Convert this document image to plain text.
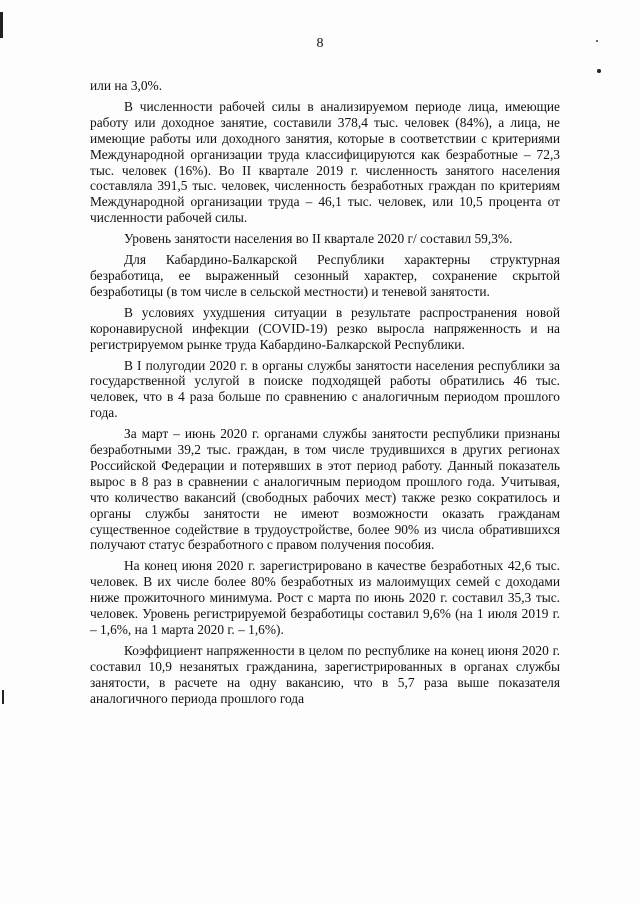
8

или на 3,0%.

В численности рабочей силы в анализируемом периоде лица, имеющие работу или доходное занятие, составили 378,4 тыс. человек (84%), а лица, не имеющие работы или доходного занятия, которые в соответствии с критериями Международной организации труда классифицируются как безработные – 72,3 тыс. человек (16%). Во II квартале 2019 г. численность занятого населения составляла 391,5 тыс. человек, численность безработных граждан по критериям Международной организации труда – 46,1 тыс. человек, или 10,5 процента от численности рабочей силы.

Уровень занятости населения во II квартале 2020 г/ составил 59,3%.

Для Кабардино-Балкарской Республики характерны структурная безработица, ее выраженный сезонный характер, сохранение скрытой безработицы (в том числе в сельской местности) и теневой занятости.

В условиях ухудшения ситуации в результате распространения новой коронавирусной инфекции (COVID-19) резко выросла напряженность и на регистрируемом рынке труда Кабардино-Балкарской Республики.

В I полугодии 2020 г. в органы службы занятости населения республики за государственной услугой в поиске подходящей работы обратились 46 тыс. человек, что в 4 раза больше по сравнению с аналогичным периодом прошлого года.

За март – июнь 2020 г. органами службы занятости республики признаны безработными 39,2 тыс. граждан, в том числе трудившихся в других регионах Российской Федерации и потерявших в этот период работу. Данный показатель вырос в 8 раз в сравнении с аналогичным периодом прошлого года. Учитывая, что количество вакансий (свободных рабочих мест) также резко сократилось и органы службы занятости не имеют возможности оказать гражданам существенное содействие в трудоустройстве, более 90% из числа обратившихся получают статус безработного с правом получения пособия.

На конец июня 2020 г. зарегистрировано в качестве безработных 42,6 тыс. человек. В их числе более 80% безработных из малоимущих семей с доходами ниже прожиточного минимума. Рост с марта по июнь 2020 г. составил 35,3 тыс. человек. Уровень регистрируемой безработицы составил 9,6% (на 1 июля 2019 г. – 1,6%, на 1 марта 2020 г. – 1,6%).

Коэффициент напряженности в целом по республике на конец июня 2020 г. составил 10,9 незанятых гражданина, зарегистрированных в органах службы занятости, в расчете на одну вакансию, что в 5,7 раза выше показателя аналогичного периода прошлого года
